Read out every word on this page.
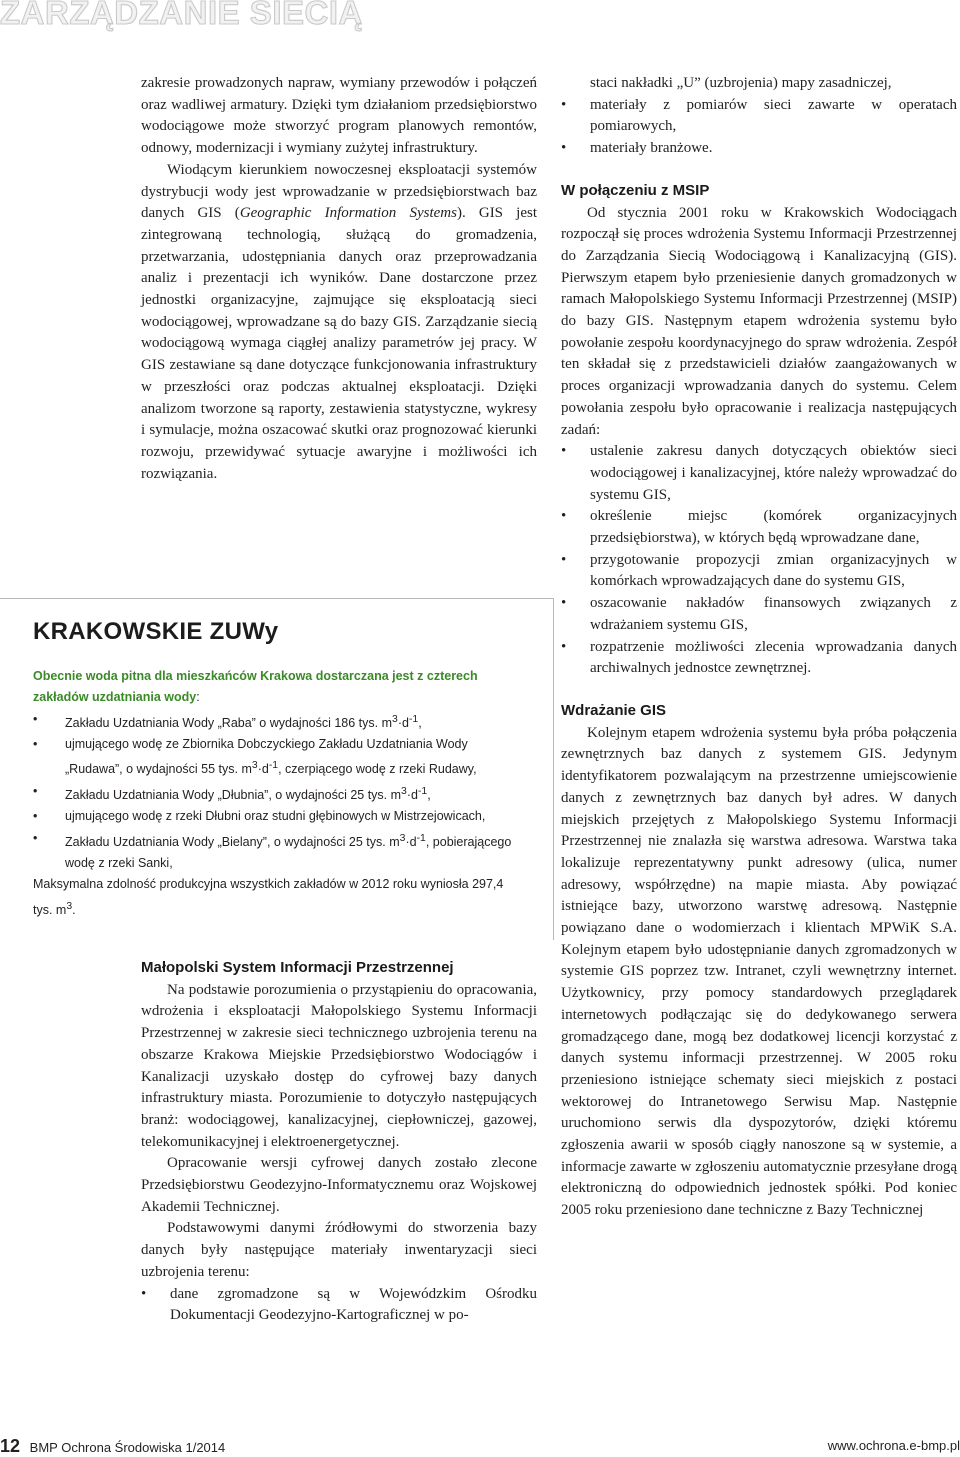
ZARZĄDZANIE SIECIĄ

zakresie prowadzonych napraw, wymiany przewodów i połączeń oraz wadliwej armatury. Dzięki tym działaniom przedsiębiorstwo wodociągowe może stworzyć program planowych remontów, odnowy, modernizacji i wymiany zużytej infrastruktury.

Wiodącym kierunkiem nowoczesnej eksploatacji systemów dystrybucji wody jest wprowadzanie w przedsiębiorstwach baz danych GIS (Geographic Information Systems). GIS jest zintegrowaną technologią, służącą do gromadzenia, przetwarzania, udostępniania danych oraz przeprowadzania analiz i prezentacji ich wyników. Dane dostarczone przez jednostki organizacyjne, zajmujące się eksploatacją sieci wodociągowej, wprowadzane są do bazy GIS. Zarządzanie siecią wodociągową wymaga ciągłej analizy parametrów jej pracy. W GIS zestawiane są dane dotyczące funkcjonowania infrastruktury w przeszłości oraz podczas aktualnej eksploatacji. Dzięki analizom tworzone są raporty, zestawienia statystyczne, wykresy i symulacje, można oszacować skutki oraz prognozować kierunki rozwoju, przewidywać sytuacje awaryjne i możliwości ich rozwiązania.

KRAKOWSKIE ZUWy

Obecnie woda pitna dla mieszkańców Krakowa dostarczana jest z czterech zakładów uzdatniania wody:

• Zakładu Uzdatniania Wody „Raba” o wydajności 186 tys. $m^3\cdot d^{-1}$,
• ujmującego wodę ze Zbiornika Dobczyckiego Zakładu Uzdatniania Wody „Rudawa”, o wydajności 55 tys. $m^3\cdot d^{-1}$, czerpiącego wodę z rzeki Rudawy,
• Zakładu Uzdatniania Wody „Dłubnia”, o wydajności 25 tys. $m^3\cdot d^{-1}$,
• ujmującego wodę z rzeki Dłubni oraz studni głębinowych w Mistrzejowicach,
• Zakładu Uzdatniania Wody „Bielany”, o wydajności 25 tys. $m^3\cdot d^{-1}$, pobierającego wodę z rzeki Sanki,

Maksymalna zdolność produkcyjna wszystkich zakładów w 2012 roku wyniosła 297,4 tys. $m^3$.

Małopolski System Informacji Przestrzennej

Na podstawie porozumienia o przystąpieniu do opracowania, wdrożenia i eksploatacji Małopolskiego Systemu Informacji Przestrzennej w zakresie sieci technicznego uzbrojenia terenu na obszarze Krakowa Miejskie Przedsiębiorstwo Wodociągów i Kanalizacji uzyskało dostęp do cyfrowej bazy danych infrastruktury miasta. Porozumienie to dotyczyło następujących branż: wodociągowej, kanalizacyjnej, ciepłowniczej, gazowej, telekomunikacyjnej i elektroenergetycznej.

Opracowanie wersji cyfrowej danych zostało zlecone Przedsiębiorstwu Geodezyjno-Informatycznemu oraz Wojskowej Akademii Technicznej.

Podstawowymi danymi źródłowymi do stworzenia bazy danych były następujące materiały inwentaryzacji sieci uzbrojenia terenu:

• dane zgromadzone są w Wojewódzkim Ośrodku Dokumentacji Geodezyjno-Kartograficznej w po-

staci nakładki „U” (uzbrojenia) mapy zasadniczej,

• materiały z pomiarów sieci zawarte w operatach pomiarowych,
• materiały branżowe.
W połączeniu z MSIP

Od stycznia 2001 roku w Krakowskich Wodociągach rozpoczął się proces wdrożenia Systemu Informacji Przestrzennej do Zarządzania Siecią Wodociągową i Kanalizacyjną (GIS). Pierwszym etapem było przeniesienie danych gromadzonych w ramach Małopolskiego Systemu Informacji Przestrzennej (MSIP) do bazy GIS. Następnym etapem wdrożenia systemu było powołanie zespołu koordynacyjnego do spraw wdrożenia. Zespół ten składał się z przedstawicieli działów zaangażowanych w proces organizacji wprowadzania danych do systemu. Celem powołania zespołu było opracowanie i realizacja następujących zadań:

• ustalenie zakresu danych dotyczących obiektów sieci wodociągowej i kanalizacyjnej, które należy wprowadzać do systemu GIS,
• określenie miejsc (komórek organizacyjnych przedsiębiorstwa), w których będą wprowadzane dane,
• przygotowanie propozycji zmian organizacyjnych w komórkach wprowadzających dane do systemu GIS,
• oszacowanie nakładów finansowych związanych z wdrażaniem systemu GIS,
• rozpatrzenie możliwości zlecenia wprowadzania danych archiwalnych jednostce zewnętrznej.
Wdrażanie GIS

Kolejnym etapem wdrożenia systemu była próba połączenia zewnętrznych baz danych z systemem GIS. Jedynym identyfikatorem pozwalającym na przestrzenne umiejscowienie danych z zewnętrznych baz danych był adres. W danych miejskich przejętych z Małopolskiego Systemu Informacji Przestrzennej nie znalazła się warstwa adresowa. Warstwa taka lokalizuje reprezentatywny punkt adresowy (ulica, numer adresowy, współrzędne) na mapie miasta. Aby powiązać istniejące bazy, utworzono warstwę adresową. Następnie powiązano dane o wodomierzach i klientach MPWiK S.A. Kolejnym etapem było udostępnianie danych zgromadzonych w systemie GIS poprzez tzw. Intranet, czyli wewnętrzny internet. Użytkownicy, przy pomocy standardowych przeglądarek internetowych podłączając się do dedykowanego serwera gromadzącego dane, mogą bez dodatkowej licencji korzystać z danych systemu informacji przestrzennej. W 2005 roku przeniesiono istniejące schematy sieci miejskich z postaci wektorowej do Intranetowego Serwisu Map. Następnie uruchomiono serwis dla dyspozytorów, dzięki któremu zgłoszenia awarii w sposób ciągły nanoszone są w systemie, a informacje zawarte w zgłoszeniu automatycznie przesyłane drogą elektroniczną do odpowiednich jednostek spółki. Pod koniec 2005 roku przeniesiono dane techniczne z Bazy Technicznej

12 BMP Ochrona Środowiska 1/2014	www.ochrona.e-bmp.pl
